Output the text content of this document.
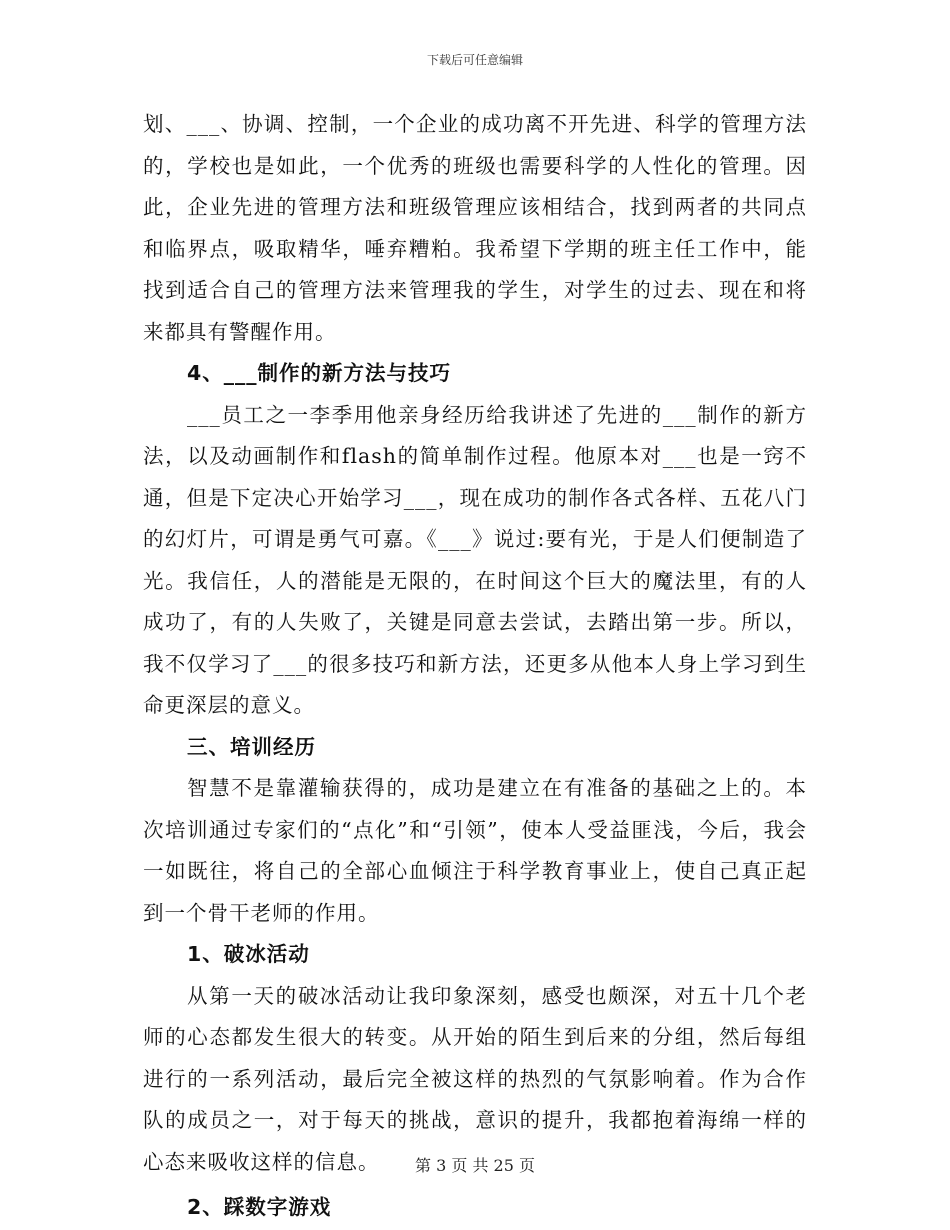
下载后可任意编辑

划、___、协调、控制，一个企业的成功离不开先进、科学的管理方法的，学校也是如此，一个优秀的班级也需要科学的人性化的管理。因此，企业先进的管理方法和班级管理应该相结合，找到两者的共同点和临界点，吸取精华，唾弃糟粕。我希望下学期的班主任工作中，能找到适合自己的管理方法来管理我的学生，对学生的过去、现在和将来都具有警醒作用。

4、___制作的新方法与技巧

___员工之一李季用他亲身经历给我讲述了先进的___制作的新方法，以及动画制作和flash的简单制作过程。他原本对___也是一窍不通，但是下定决心开始学习___，现在成功的制作各式各样、五花八门的幻灯片，可谓是勇气可嘉。《___》说过:要有光，于是人们便制造了光。我信任，人的潜能是无限的，在时间这个巨大的魔法里，有的人成功了，有的人失败了，关键是同意去尝试，去踏出第一步。所以，我不仅学习了___的很多技巧和新方法，还更多从他本人身上学习到生命更深层的意义。

三、培训经历

智慧不是靠灌输获得的，成功是建立在有准备的基础之上的。本次培训通过专家们的“点化”和“引领”，使本人受益匪浅，今后，我会一如既往，将自己的全部心血倾注于科学教育事业上，使自己真正起到一个骨干老师的作用。

1、破冰活动

从第一天的破冰活动让我印象深刻，感受也颇深，对五十几个老师的心态都发生很大的转变。从开始的陌生到后来的分组，然后每组进行的一系列活动，最后完全被这样的热烈的气氛影响着。作为合作队的成员之一，对于每天的挑战，意识的提升，我都抱着海绵一样的心态来吸收这样的信息。

2、踩数字游戏

第 3 页 共 25 页
